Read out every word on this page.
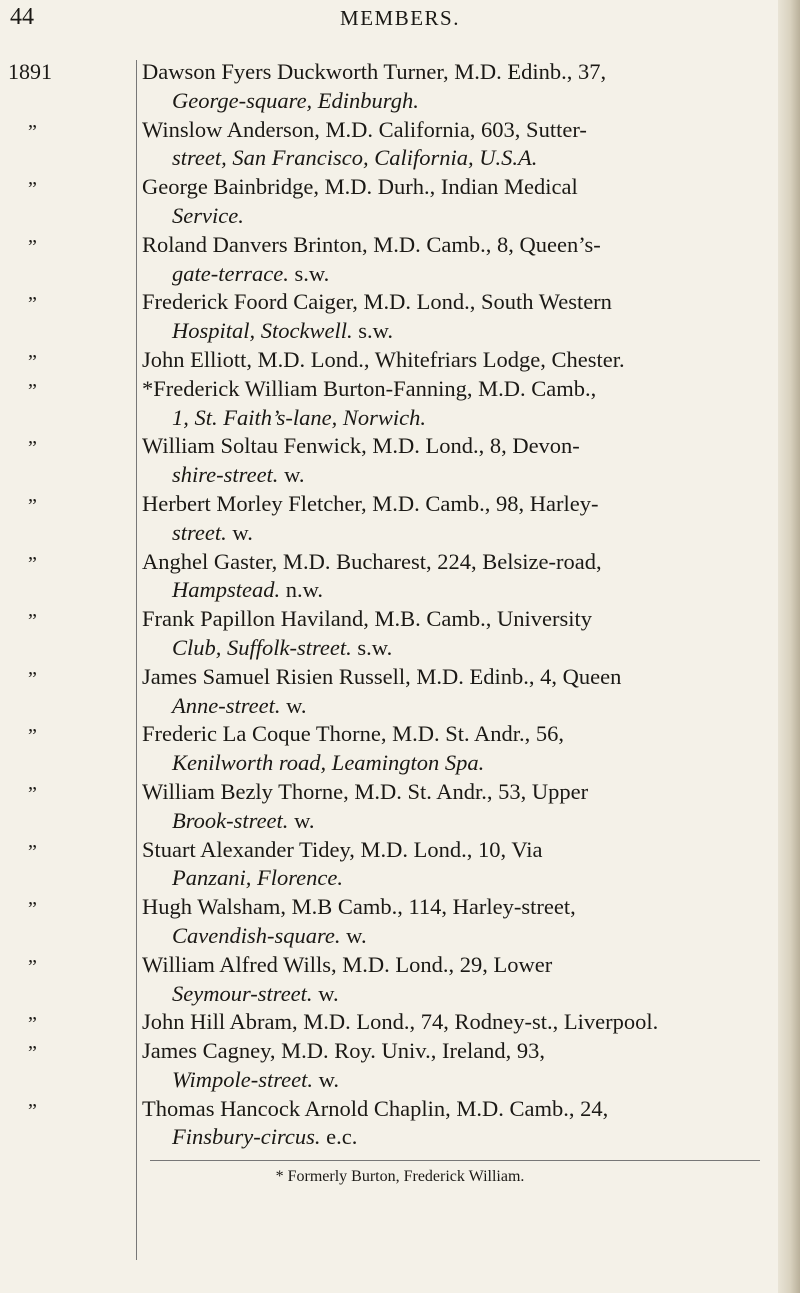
44	MEMBERS.
1891	Dawson Fyers Duckworth Turner, M.D. Edinb., 37,
George-square, Edinburgh.
”	Winslow Anderson, M.D. California, 603, Sutter-
street, San Francisco, California, U.S.A.
”	George Bainbridge, M.D. Durh., Indian Medical
Service.
”	Roland Danvers Brinton, M.D. Camb., 8, Queen’s-
gate-terrace. s.w.
”	Frederick Foord Caiger, M.D. Lond., South Western
Hospital, Stockwell. s.w.
”	John Elliott, M.D. Lond., Whitefriars Lodge, Chester.
”	*Frederick William Burton-Fanning, M.D. Camb.,
1, St. Faith’s-lane, Norwich.
”	William Soltau Fenwick, M.D. Lond., 8, Devon-
shire-street. w.
”	Herbert Morley Fletcher, M.D. Camb., 98, Harley-
street. w.
”	Anghel Gaster, M.D. Bucharest, 224, Belsize-road,
Hampstead. n.w.
”	Frank Papillon Haviland, M.B. Camb., University
Club, Suffolk-street. s.w.
”	James Samuel Risien Russell, M.D. Edinb., 4, Queen
Anne-street. w.
”	Frederic La Coque Thorne, M.D. St. Andr., 56,
Kenilworth road, Leamington Spa.
”	William Bezly Thorne, M.D. St. Andr., 53, Upper
Brook-street. w.
”	Stuart Alexander Tidey, M.D. Lond., 10, Via
Panzani, Florence.
”	Hugh Walsham, M.B Camb., 114, Harley-street,
Cavendish-square. w.
”	William Alfred Wills, M.D. Lond., 29, Lower
Seymour-street. w.
”	John Hill Abram, M.D. Lond., 74, Rodney-st., Liverpool.
”	James Cagney, M.D. Roy. Univ., Ireland, 93,
Wimpole-street. w.
”	Thomas Hancock Arnold Chaplin, M.D. Camb., 24,
Finsbury-circus. e.c.
* Formerly Burton, Frederick William.
